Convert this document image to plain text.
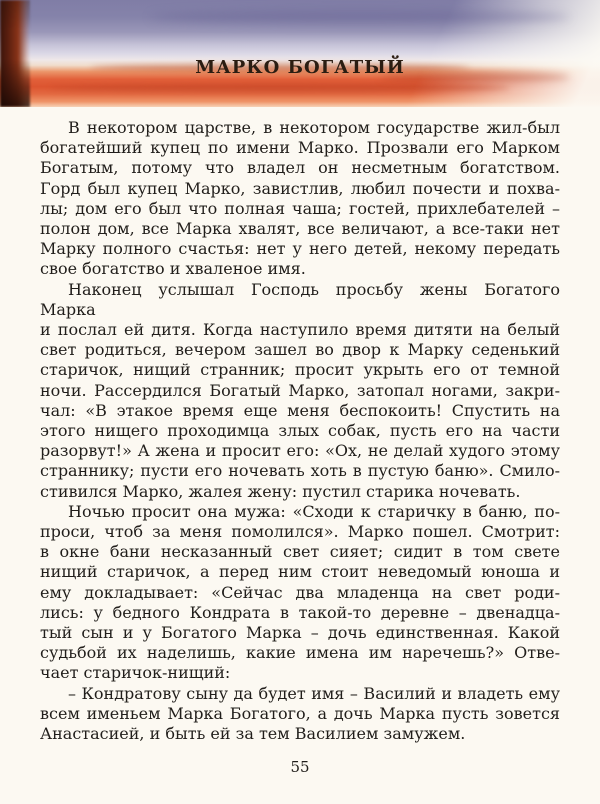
МАРКО БОГАТЫЙ

В некотором царстве, в некотором государстве жил-был
богатейший купец по имени Марко. Прозвали его Марком
Богатым, потому что владел он несметным богатством.
Горд был купец Марко, завистлив, любил почести и похва-
лы; дом его был что полная чаша; гостей, прихлебателей –
полон дом, все Марка хвалят, все величают, а все-таки нет
Марку полного счастья: нет у него детей, некому передать
свое богатство и хваленое имя.

Наконец услышал Господь просьбу жены Богатого Марка
и послал ей дитя. Когда наступило время дитяти на белый
свет родиться, вечером зашел во двор к Марку седенький
старичок, нищий странник; просит укрыть его от темной
ночи. Рассердился Богатый Марко, затопал ногами, закри-
чал: «В этакое время еще меня беспокоить! Спустить на
этого нищего проходимца злых собак, пусть его на части
разорвут!» А жена и просит его: «Ох, не делай худого этому
страннику; пусти его ночевать хоть в пустую баню». Смило-
стивился Марко, жалея жену: пустил старика ночевать.

Ночью просит она мужа: «Сходи к старичку в баню, по-
проси, чтоб за меня помолился». Марко пошел. Смотрит:
в окне бани несказанный свет сияет; сидит в том свете
нищий старичок, а перед ним стоит неведомый юноша и
ему докладывает: «Сейчас два младенца на свет роди-
лись: у бедного Кондрата в такой-то деревне – двенадца-
тый сын и у Богатого Марка – дочь единственная. Какой
судьбой их наделишь, какие имена им наречешь?» Отве-
чает старичок-нищий:

– Кондратову сыну да будет имя – Василий и владеть ему
всем именьем Марка Богатого, а дочь Марка пусть зовется
Анастасией, и быть ей за тем Василием замужем.

55
